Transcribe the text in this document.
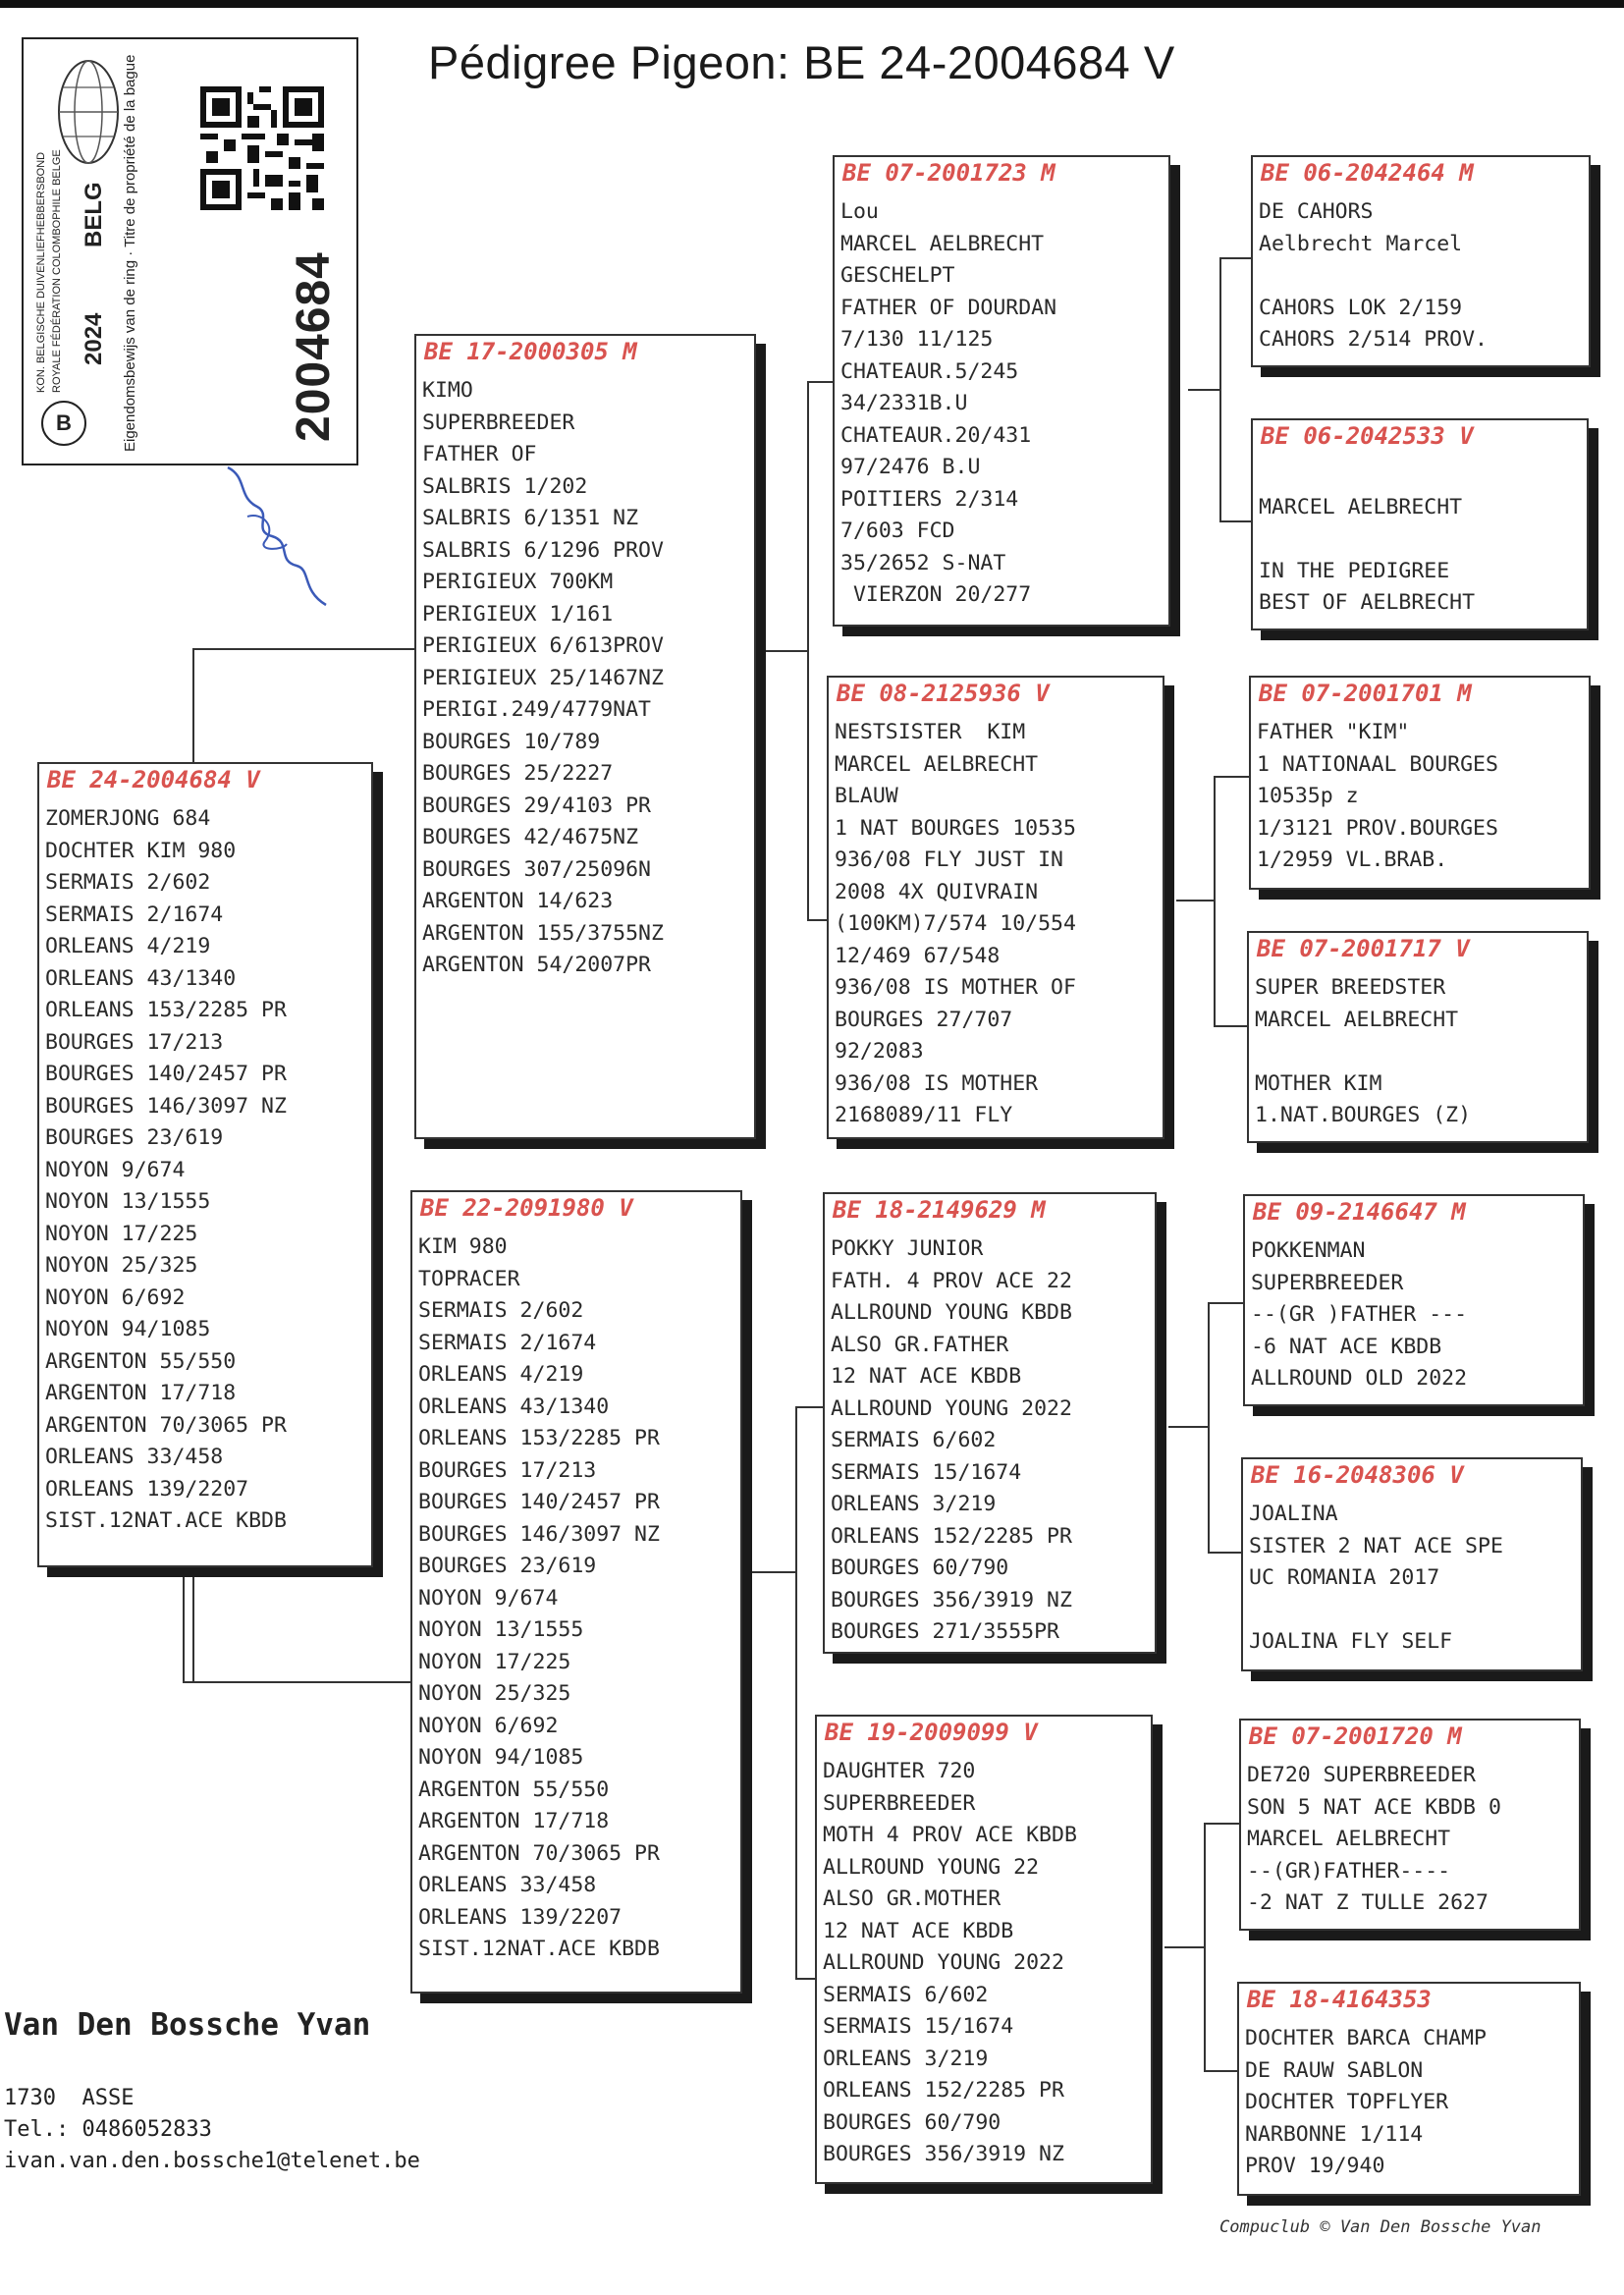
Pédigree Pigeon: BE 24-2004684 V
B
KON. BELGISCHE DUIVENLIEFHEBBERSBOND ROYALE FÉDÉRATION COLOMBOPHILE BELGE 2024
BELG Eigendomsbewijs van de ring · Titre de propriété de la bague	2004684
BE 24-2004684 V
ZOMERJONG 684
DOCHTER KIM 980
SERMAIS 2/602
SERMAIS 2/1674
ORLEANS 4/219
ORLEANS 43/1340
ORLEANS 153/2285 PR
BOURGES 17/213
BOURGES 140/2457 PR
BOURGES 146/3097 NZ
BOURGES 23/619
NOYON 9/674
NOYON 13/1555
NOYON 17/225
NOYON 25/325
NOYON 6/692
NOYON 94/1085
ARGENTON 55/550
ARGENTON 17/718
ARGENTON 70/3065 PR
ORLEANS 33/458
ORLEANS 139/2207
SIST.12NAT.ACE KBDB
BE 17-2000305 M
KIMO
SUPERBREEDER
FATHER OF
SALBRIS 1/202
SALBRIS 6/1351 NZ
SALBRIS 6/1296 PROV
PERIGIEUX 700KM
PERIGIEUX 1/161
PERIGIEUX 6/613PROV
PERIGIEUX 25/1467NZ
PERIGI.249/4779NAT
BOURGES 10/789
BOURGES 25/2227
BOURGES 29/4103 PR
BOURGES 42/4675NZ
BOURGES 307/25096N
ARGENTON 14/623
ARGENTON 155/3755NZ
ARGENTON 54/2007PR
BE 22-2091980 V
KIM 980
TOPRACER
SERMAIS 2/602
SERMAIS 2/1674
ORLEANS 4/219
ORLEANS 43/1340
ORLEANS 153/2285 PR
BOURGES 17/213
BOURGES 140/2457 PR
BOURGES 146/3097 NZ
BOURGES 23/619
NOYON 9/674
NOYON 13/1555
NOYON 17/225
NOYON 25/325
NOYON 6/692
NOYON 94/1085
ARGENTON 55/550
ARGENTON 17/718
ARGENTON 70/3065 PR
ORLEANS 33/458
ORLEANS 139/2207
SIST.12NAT.ACE KBDB
BE 07-2001723 M
Lou
MARCEL AELBRECHT
GESCHELPT
FATHER OF DOURDAN
7/130 11/125
CHATEAUR.5/245
34/2331B.U
CHATEAUR.20/431
97/2476 B.U
POITIERS 2/314
7/603 FCD
35/2652 S-NAT
VIERZON 20/277
BE 08-2125936 V
NESTSISTER  KIM
MARCEL AELBRECHT
BLAUW
1 NAT BOURGES 10535
936/08 FLY JUST IN
2008 4X QUIVRAIN
(100KM)7/574 10/554
12/469 67/548
936/08 IS MOTHER OF
BOURGES 27/707
92/2083
936/08 IS MOTHER
2168089/11 FLY
BE 18-2149629 M
POKKY JUNIOR
FATH. 4 PROV ACE 22
ALLROUND YOUNG KBDB
ALSO GR.FATHER
12 NAT ACE KBDB
ALLROUND YOUNG 2022
SERMAIS 6/602
SERMAIS 15/1674
ORLEANS 3/219
ORLEANS 152/2285 PR
BOURGES 60/790
BOURGES 356/3919 NZ
BOURGES 271/3555PR
BE 19-2009099 V
DAUGHTER 720
SUPERBREEDER
MOTH 4 PROV ACE KBDB
ALLROUND YOUNG 22
ALSO GR.MOTHER
12 NAT ACE KBDB
ALLROUND YOUNG 2022
SERMAIS 6/602
SERMAIS 15/1674
ORLEANS 3/219
ORLEANS 152/2285 PR
BOURGES 60/790
BOURGES 356/3919 NZ
BE 06-2042464 M
DE CAHORS
Aelbrecht Marcel
CAHORS LOK 2/159
CAHORS 2/514 PROV.
BE 06-2042533 V
MARCEL AELBRECHT
IN THE PEDIGREE
BEST OF AELBRECHT
BE 07-2001701 M
FATHER "KIM"
1 NATIONAAL BOURGES
10535p z
1/3121 PROV.BOURGES
1/2959 VL.BRAB.
BE 07-2001717 V
SUPER BREEDSTER
MARCEL AELBRECHT
MOTHER KIM
1.NAT.BOURGES (Z)
BE 09-2146647 M
POKKENMAN
SUPERBREEDER
--(GR )FATHER ---
-6 NAT ACE KBDB
ALLROUND OLD 2022
BE 16-2048306 V
JOALINA
SISTER 2 NAT ACE SPE
UC ROMANIA 2017
JOALINA FLY SELF
BE 07-2001720 M
DE720 SUPERBREEDER
SON 5 NAT ACE KBDB 0
MARCEL AELBRECHT
--(GR)FATHER----
-2 NAT Z TULLE 2627
BE 18-4164353
DOCHTER BARCA CHAMP
DE RAUW SABLON
DOCHTER TOPFLYER
NARBONNE 1/114
PROV 19/940
Van Den Bossche Yvan
1730  ASSE
Tel.: 0486052833
ivan.van.den.bossche1@telenet.be
Compuclub © Van Den Bossche Yvan
